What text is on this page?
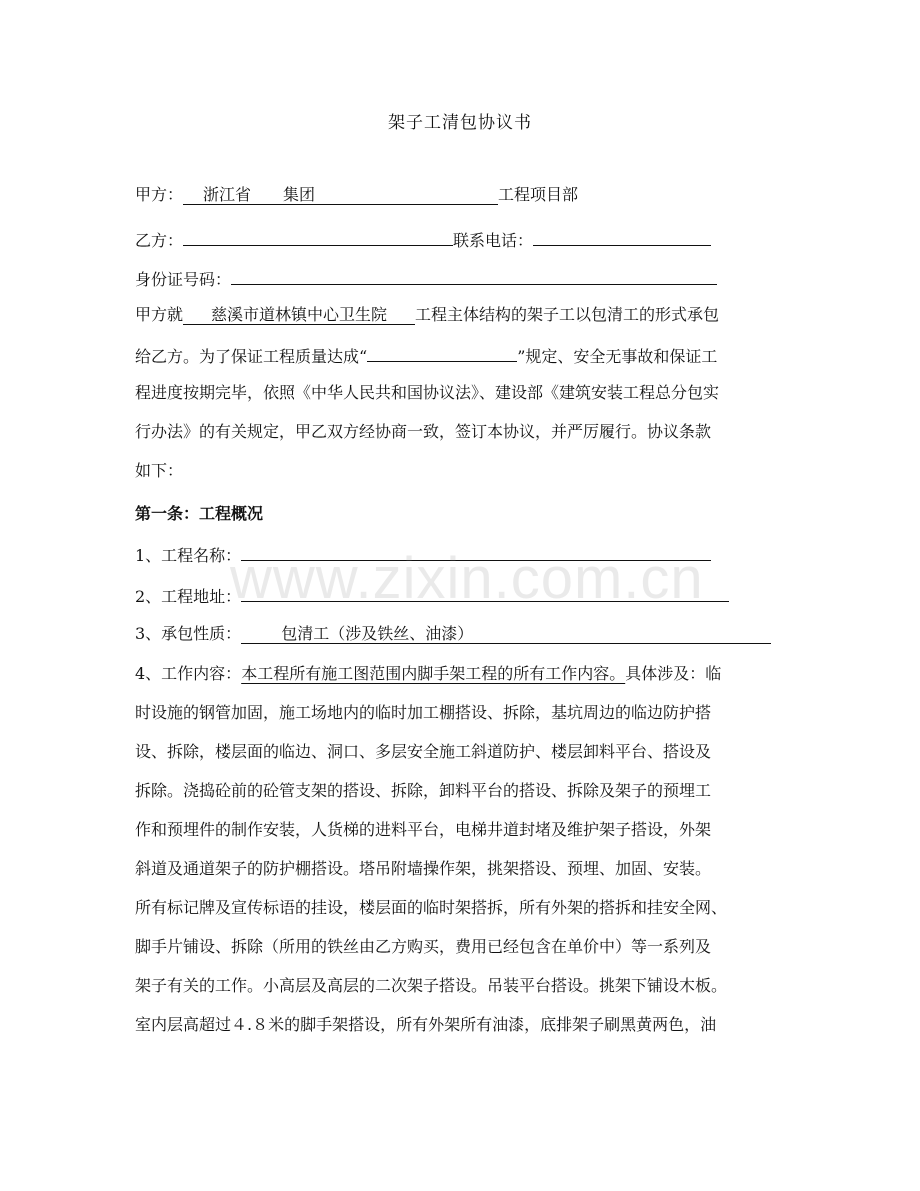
架子工清包协议书
甲方： 浙江省 集团	工程项目部
乙方：	联系电话：
身份证号码：
甲方就 慈溪市道林镇中心卫生院 工程主体结构的架子工以包清工的形式承包
给乙方。为了保证工程质量达成“	”规定、安全无事故和保证工
程进度按期完毕，依照《中华人民共和国协议法》、建设部《建筑安装工程总分包实
行办法》的有关规定，甲乙双方经协商一致，签订本协议，并严厉履行。协议条款
如下：
第一条：工程概况
1、工程名称：
2、工程地址：
3、承包性质：	包清工（涉及铁丝、油漆）
4、工作内容：本工程所有施工图范围内脚手架工程的所有工作内容。具体涉及：临
时设施的钢管加固，施工场地内的临时加工棚搭设、拆除，基坑周边的临边防护搭
设、拆除，楼层面的临边、洞口、多层安全施工斜道防护、楼层卸料平台、搭设及
拆除。浇捣砼前的砼管支架的搭设、拆除，卸料平台的搭设、拆除及架子的预埋工
作和预埋件的制作安装，人货梯的进料平台，电梯井道封堵及维护架子搭设，外架
斜道及通道架子的防护棚搭设。塔吊附墙操作架，挑架搭设、预埋、加固、安装。
所有标记牌及宣传标语的挂设，楼层面的临时架搭拆，所有外架的搭拆和挂安全网、
脚手片铺设、拆除（所用的铁丝由乙方购买，费用已经包含在单价中）等一系列及
架子有关的工作。小高层及高层的二次架子搭设。吊装平台搭设。挑架下铺设木板。
室内层高超过４.８米的脚手架搭设，所有外架所有油漆，底排架子刷黑黄两色，油
www.zixin.com.cn
